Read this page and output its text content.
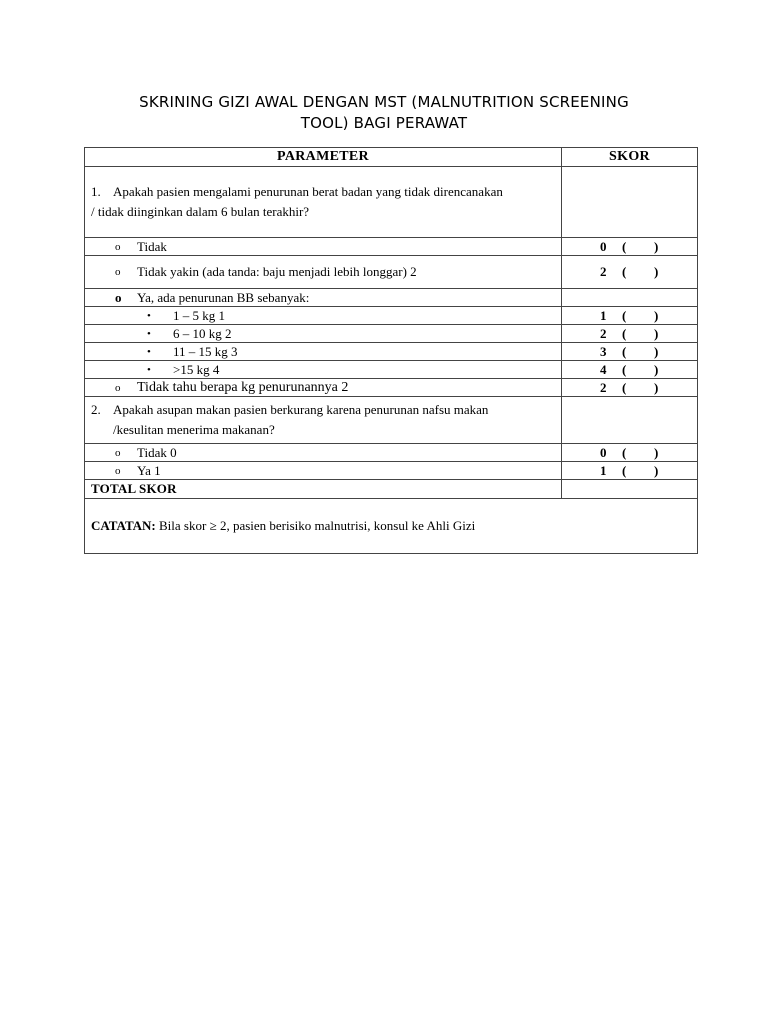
SKRINING GIZI AWAL DENGAN MST (MALNUTRITION SCREENING
TOOL) BAGI PERAWAT
PARAMETER	SKOR

1. Apakah pasien mengalami penurunan berat badan yang tidak direncanakan
/ tidak diinginkan dalam 6 bulan terakhir?	

o Tidak	0 ( )

o Tidak yakin (ada tanda: baju menjadi lebih longgar) 2	2 ( )

o Ya, ada penurunan BB sebanyak:	

• 1 – 5 kg 1	1 ( )

• 6 – 10 kg 2	2 ( )

• 11 – 15 kg 3	3 ( )

• >15 kg 4	4 ( )

o Tidak tahu berapa kg penurunannya 2	2 ( )

2. Apakah asupan makan pasien berkurang karena penurunan nafsu makan
/kesulitan menerima makanan?	

o Tidak 0	0 ( )

o Ya 1	1 ( )

TOTAL SKOR	
CATATAN: Bila skor ≥ 2, pasien berisiko malnutrisi, konsul ke Ahli Gizi	
